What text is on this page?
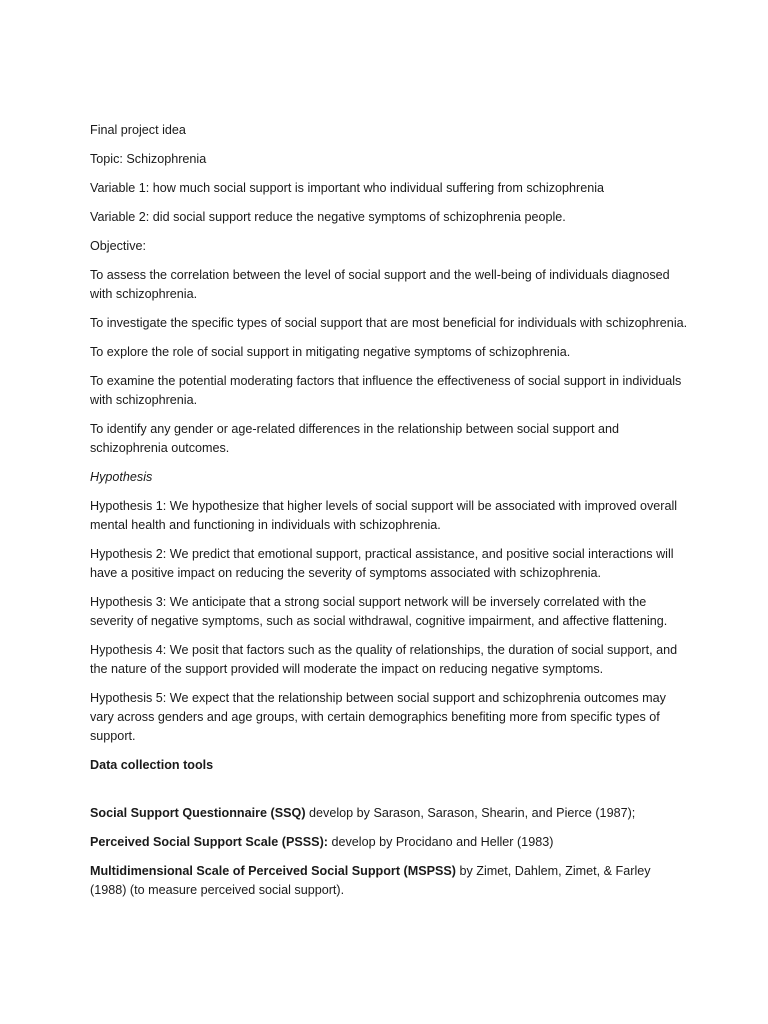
Final project idea

Topic: Schizophrenia

Variable 1: how much social support is important who individual suffering from schizophrenia

Variable 2: did social support reduce the negative symptoms of schizophrenia people.

Objective:

To assess the correlation between the level of social support and the well-being of individuals diagnosed with schizophrenia.

To investigate the specific types of social support that are most beneficial for individuals with schizophrenia.

To explore the role of social support in mitigating negative symptoms of schizophrenia.

To examine the potential moderating factors that influence the effectiveness of social support in individuals with schizophrenia.

To identify any gender or age-related differences in the relationship between social support and schizophrenia outcomes.

Hypothesis

Hypothesis 1: We hypothesize that higher levels of social support will be associated with improved overall mental health and functioning in individuals with schizophrenia.

Hypothesis 2: We predict that emotional support, practical assistance, and positive social interactions will have a positive impact on reducing the severity of symptoms associated with schizophrenia.

Hypothesis 3: We anticipate that a strong social support network will be inversely correlated with the severity of negative symptoms, such as social withdrawal, cognitive impairment, and affective flattening.

Hypothesis 4: We posit that factors such as the quality of relationships, the duration of social support, and the nature of the support provided will moderate the impact on reducing negative symptoms.

Hypothesis 5: We expect that the relationship between social support and schizophrenia outcomes may vary across genders and age groups, with certain demographics benefiting more from specific types of support.

Data collection tools

Social Support Questionnaire (SSQ) develop by Sarason, Sarason, Shearin, and Pierce (1987);

Perceived Social Support Scale (PSSS): develop by Procidano and Heller (1983)

Multidimensional Scale of Perceived Social Support (MSPSS) by Zimet, Dahlem, Zimet, & Farley (1988) (to measure perceived social support).
